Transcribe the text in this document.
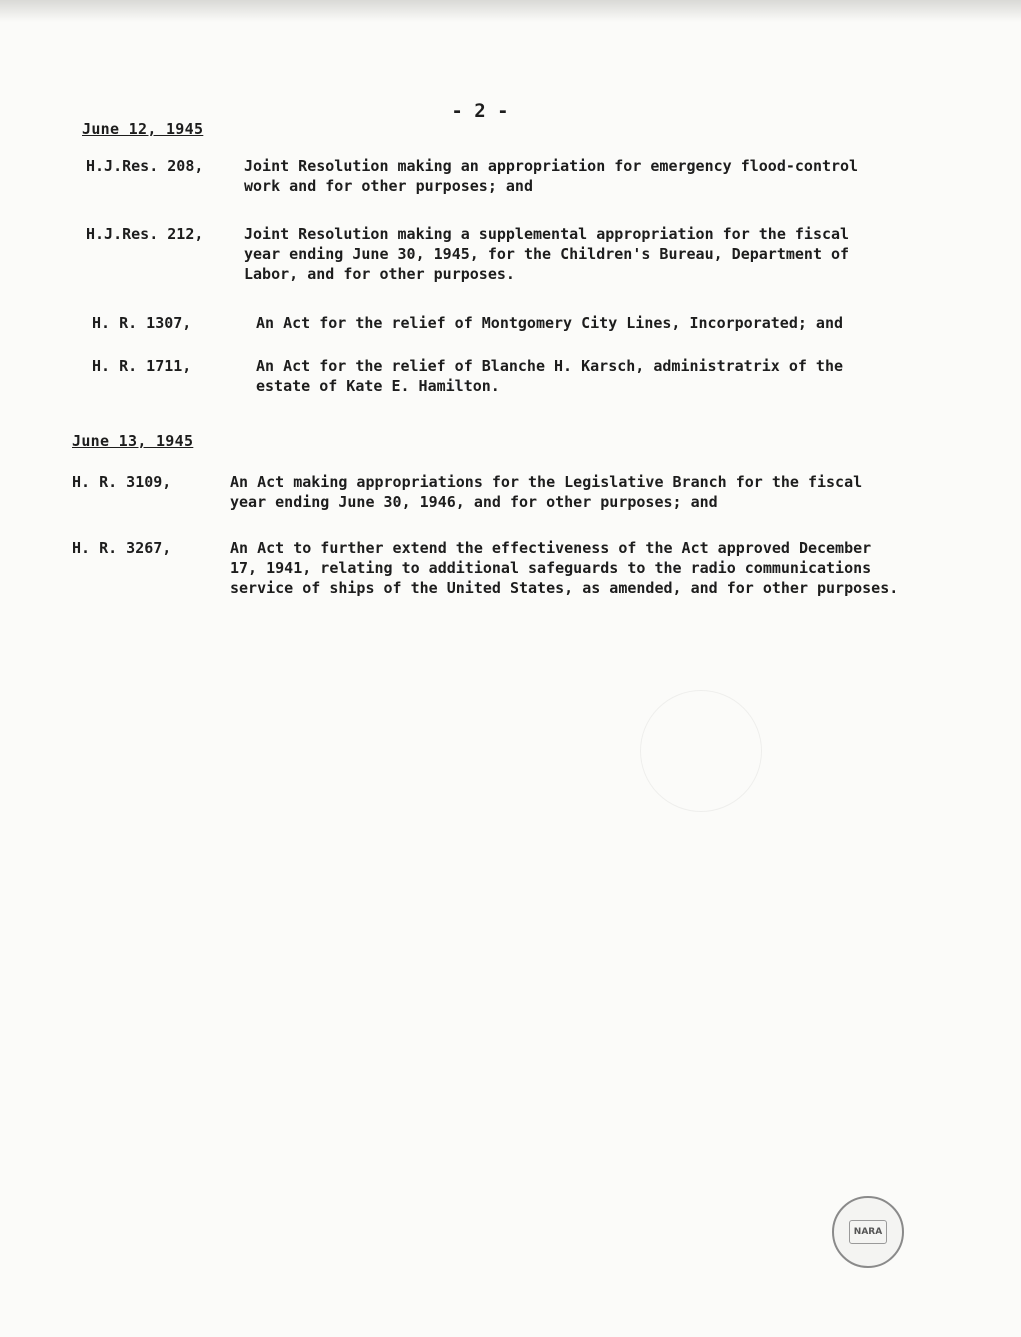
- 2 -
June 12, 1945
H.J.Res. 208,	Joint Resolution making an appropriation for emergency flood-control
work and for other purposes; and
H.J.Res. 212,	Joint Resolution making a supplemental appropriation for the fiscal
year ending June 30, 1945, for the Children's Bureau, Department of
Labor, and for other purposes.
H. R. 1307,	An Act for the relief of Montgomery City Lines, Incorporated; and
H. R. 1711,	An Act for the relief of Blanche H. Karsch, administratrix of the
estate of Kate E. Hamilton.
June 13, 1945
H. R. 3109,	An Act making appropriations for the Legislative Branch for the fiscal
year ending June 30, 1946, and for other purposes; and
H. R. 3267,	An Act to further extend the effectiveness of the Act approved December
17, 1941, relating to additional safeguards to the radio communications
service of ships of the United States, as amended, and for other purposes.
NARA
